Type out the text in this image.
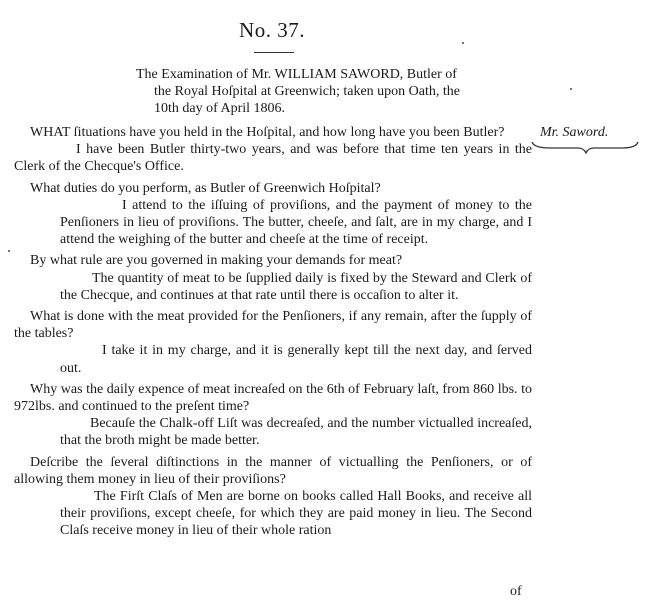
No. 37.
The Examination of Mr. WILLIAM SAWORD, Butler of
the Royal Hoſpital at Greenwich; taken upon Oath, the
10th day of April 1806.
Mr. Saword.

WHAT ſituations have you held in the Hoſpital, and how long have you been Butler?

I have been Butler thirty-two years, and was before that time ten years in the Clerk of the Checque's Office.

What duties do you perform, as Butler of Greenwich Hoſpital?

I attend to the iſſuing of proviſions, and the payment of money to the Penſioners in lieu of proviſions. The butter, cheeſe, and ſalt, are in my charge, and I attend the weighing of the butter and cheeſe at the time of receipt.

By what rule are you governed in making your demands for meat?

The quantity of meat to be ſupplied daily is fixed by the Steward and Clerk of the Checque, and continues at that rate until there is occaſion to alter it.

What is done with the meat provided for the Penſioners, if any remain, after the ſupply of the tables?

I take it in my charge, and it is generally kept till the next day, and ſerved out.

Why was the daily expence of meat increaſed on the 6th of February laſt, from 860 lbs. to 972lbs. and continued to the preſent time?

Becauſe the Chalk-off Liſt was decreaſed, and the number victualled increaſed, that the broth might be made better.

Deſcribe the ſeveral diſtinctions in the manner of victualling the Penſioners, or of allowing them money in lieu of their proviſions?

The Firſt Claſs of Men are borne on books called Hall Books, and receive all their proviſions, except cheeſe, for which they are paid money in lieu. The Second Claſs receive money in lieu of their whole ration

of
